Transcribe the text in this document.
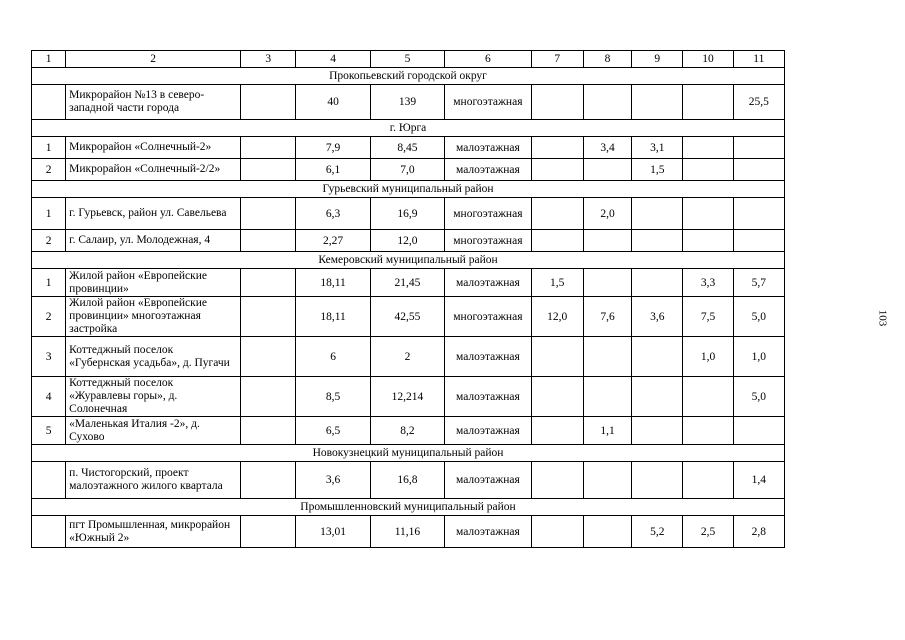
1	2	3	4	5	6	7	8	9	10	11
Прокопьевский городской округ										
	Микрорайон №13 в северо-западной части города		40	139	многоэтажная					25,5
г. Юрга										
1	Микрорайон «Солнечный-2»		7,9	8,45	малоэтажная		3,4	3,1		
2	Микрорайон «Солнечный-2/2»		6,1	7,0	малоэтажная			1,5		
Гурьевский муниципальный район										
1	г. Гурьевск, район ул. Савельева		6,3	16,9	многоэтажная		2,0			
2	г. Салаир, ул. Молодежная, 4		2,27	12,0	многоэтажная					
Кемеровский муниципальный район										
1	Жилой район «Европейские провинции»		18,11	21,45	малоэтажная	1,5			3,3	5,7
2	Жилой район «Европейские провинции» многоэтажная застройка		18,11	42,55	многоэтажная	12,0	7,6	3,6	7,5	5,0
3	Коттеджный поселок «Губернская усадьба», д. Пугачи		6	2	малоэтажная				1,0	1,0
4	Коттеджный поселок «Журавлевы горы», д. Солонечная		8,5	12,214	малоэтажная					5,0
5	«Маленькая Италия -2», д. Сухово		6,5	8,2	малоэтажная		1,1			
Новокузнецкий муниципальный район										
	п. Чистогорский, проект малоэтажного жилого квартала		3,6	16,8	малоэтажная					1,4
Промышленновский муниципальный район										
	пгт Промышленная, микрорайон «Южный 2»		13,01	11,16	малоэтажная			5,2	2,5	2,8
103
